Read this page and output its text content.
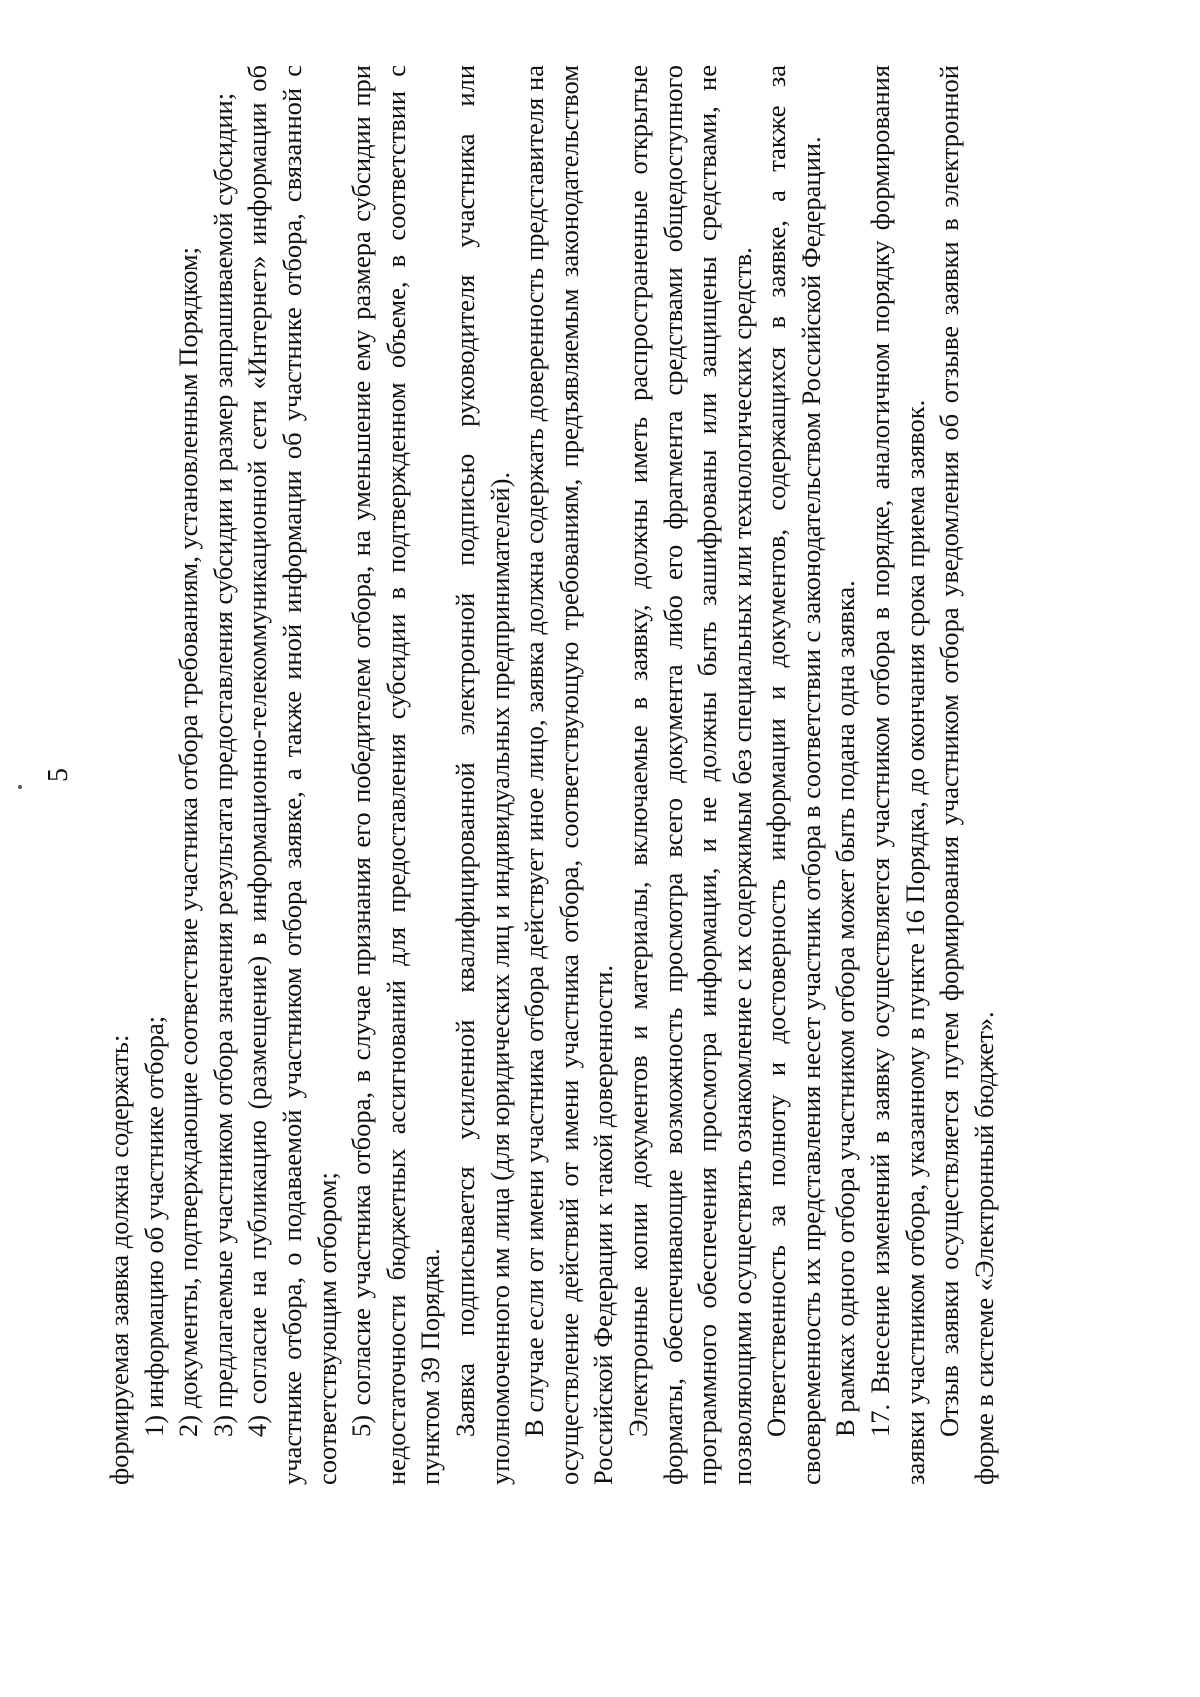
5

формируемая заявка должна содержать: 1) информацию об участнике отбора; 2) документы, подтверждающие соответствие участника отбора требованиям, установленным Порядком; 3) предлагаемые участником отбора значения результата предоставления субсидии и размер запрашиваемой субсидии; 4) согласие на публикацию (размещение) в информационно-телекоммуникационной сети «Интернет» информации об участнике отбора, о подаваемой участником отбора заявке, а также иной информации об участнике отбора, связанной с соответствующим отбором; 5) согласие участника отбора, в случае признания его победителем отбора, на уменьшение ему размера субсидии при недостаточности бюджетных ассигнований для предоставления субсидии в подтвержденном объеме, в соответствии с пунктом 39 Порядка. Заявка подписывается усиленной квалифицированной электронной подписью руководителя участника или уполномоченного им лица (для юридических лиц и индивидуальных предпринимателей). В случае если от имени участника отбора действует иное лицо, заявка должна содержать доверенность представителя на осуществление действий от имени участника отбора, соответствующую требованиям, предъявляемым законодательством Российской Федерации к такой доверенности. Электронные копии документов и материалы, включаемые в заявку, должны иметь распространенные открытые форматы, обеспечивающие возможность просмотра всего документа либо его фрагмента средствами общедоступного программного обеспечения просмотра информации, и не должны быть зашифрованы или защищены средствами, не позволяющими осуществить ознакомление с их содержимым без специальных или технологических средств. Ответственность за полноту и достоверность информации и документов, содержащихся в заявке, а также за своевременность их представления несет участник отбора в соответствии с законодательством Российской Федерации. В рамках одного отбора участником отбора может быть подана одна заявка. 17. Внесение изменений в заявку осуществляется участником отбора в порядке, аналогичном порядку формирования заявки участником отбора, указанному в пункте 16 Порядка, до окончания срока приема заявок. Отзыв заявки осуществляется путем формирования участником отбора уведомления об отзыве заявки в электронной форме в системе «Электронный бюджет».
